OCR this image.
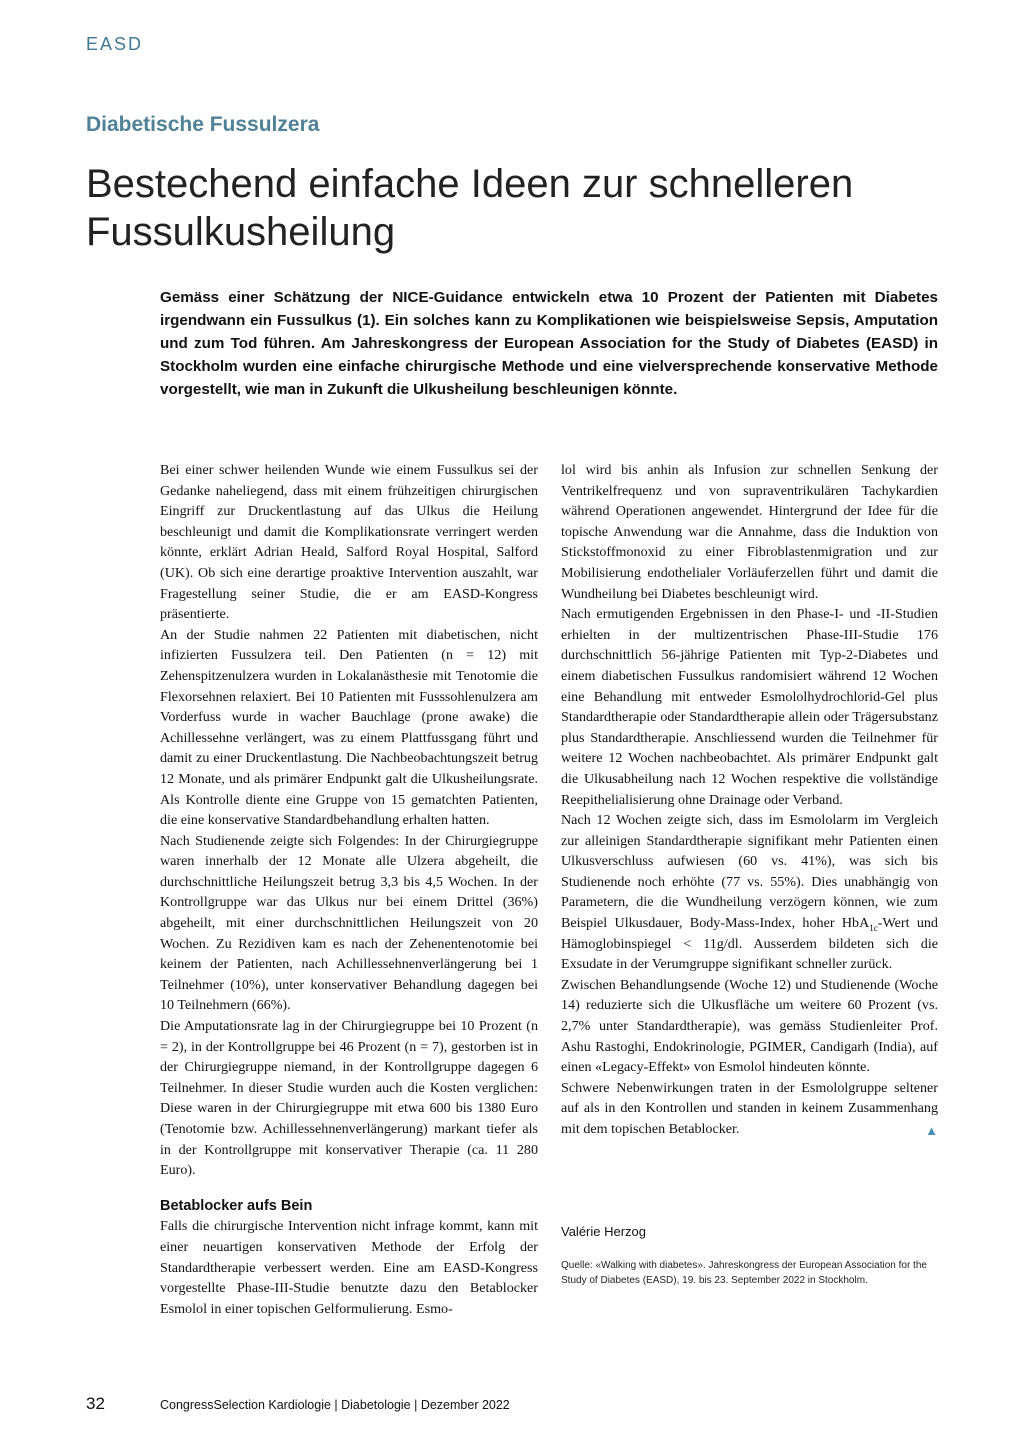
EASD
Diabetische Fussulzera
Bestechend einfache Ideen zur schnelleren Fussulkusheilung
Gemäss einer Schätzung der NICE-Guidance entwickeln etwa 10 Prozent der Patienten mit Diabetes irgendwann ein Fussulkus (1). Ein solches kann zu Komplikationen wie beispielsweise Sepsis, Amputation und zum Tod führen. Am Jahreskongress der European Association for the Study of Diabetes (EASD) in Stockholm wurden eine einfache chirurgische Methode und eine vielversprechende konservative Methode vorgestellt, wie man in Zukunft die Ulkusheilung beschleunigen könnte.

Bei einer schwer heilenden Wunde wie einem Fussulkus sei der Gedanke naheliegend, dass mit einem frühzeitigen chirurgischen Eingriff zur Druckentlastung auf das Ulkus die Heilung beschleunigt und damit die Komplikationsrate verringert werden könnte, erklärt Adrian Heald, Salford Royal Hospital, Salford (UK). Ob sich eine derartige proaktive Intervention auszahlt, war Fragestellung seiner Studie, die er am EASD-Kongress präsentierte.

An der Studie nahmen 22 Patienten mit diabetischen, nicht infizierten Fussulzera teil. Den Patienten (n = 12) mit Zehenspitzenulzera wurden in Lokalanästhesie mit Tenotomie die Flexorsehnen relaxiert. Bei 10 Patienten mit Fusssohlenulzera am Vorderfuss wurde in wacher Bauchlage (prone awake) die Achillessehne verlängert, was zu einem Plattfussgang führt und damit zu einer Druckentlastung. Die Nachbeobachtungszeit betrug 12 Monate, und als primärer Endpunkt galt die Ulkusheilungsrate. Als Kontrolle diente eine Gruppe von 15 gematchten Patienten, die eine konservative Standardbehandlung erhalten hatten.

Nach Studienende zeigte sich Folgendes: In der Chirurgiegruppe waren innerhalb der 12 Monate alle Ulzera abgeheilt, die durchschnittliche Heilungszeit betrug 3,3 bis 4,5 Wochen. In der Kontrollgruppe war das Ulkus nur bei einem Drittel (36%) abgeheilt, mit einer durchschnittlichen Heilungszeit von 20 Wochen. Zu Rezidiven kam es nach der Zehenentenotomie bei keinem der Patienten, nach Achillessehnenverlängerung bei 1 Teilnehmer (10%), unter konservativer Behandlung dagegen bei 10 Teilnehmern (66%).

Die Amputationsrate lag in der Chirurgiegruppe bei 10 Prozent (n = 2), in der Kontrollgruppe bei 46 Prozent (n = 7), gestorben ist in der Chirurgiegruppe niemand, in der Kontrollgruppe dagegen 6 Teilnehmer. In dieser Studie wurden auch die Kosten verglichen: Diese waren in der Chirurgiegruppe mit etwa 600 bis 1380 Euro (Tenotomie bzw. Achillessehnenverlängerung) markant tiefer als in der Kontrollgruppe mit konservativer Therapie (ca. 11 280 Euro).

Betablocker aufs Bein

Falls die chirurgische Intervention nicht infrage kommt, kann mit einer neuartigen konservativen Methode der Erfolg der Standardtherapie verbessert werden. Eine am EASD-Kongress vorgestellte Phase-III-Studie benutzte dazu den Betablocker Esmolol in einer topischen Gelformulierung. Esmo-

lol wird bis anhin als Infusion zur schnellen Senkung der Ventrikelfrequenz und von supraventrikulären Tachykardien während Operationen angewendet. Hintergrund der Idee für die topische Anwendung war die Annahme, dass die Induktion von Stickstoffmonoxid zu einer Fibroblastenmigration und zur Mobilisierung endothelialer Vorläuferzellen führt und damit die Wundheilung bei Diabetes beschleunigt wird.

Nach ermutigenden Ergebnissen in den Phase-I- und -II-Studien erhielten in der multizentrischen Phase-III-Studie 176 durchschnittlich 56-jährige Patienten mit Typ-2-Diabetes und einem diabetischen Fussulkus randomisiert während 12 Wochen eine Behandlung mit entweder Esmololhydrochlorid-Gel plus Standardtherapie oder Standardtherapie allein oder Trägersubstanz plus Standardtherapie. Anschliessend wurden die Teilnehmer für weitere 12 Wochen nachbeobachtet. Als primärer Endpunkt galt die Ulkusabheilung nach 12 Wochen respektive die vollständige Reepithelialisierung ohne Drainage oder Verband.

Nach 12 Wochen zeigte sich, dass im Esmololarm im Vergleich zur alleinigen Standardtherapie signifikant mehr Patienten einen Ulkusverschluss aufwiesen (60 vs. 41%), was sich bis Studienende noch erhöhte (77 vs. 55%). Dies unabhängig von Parametern, die die Wundheilung verzögern können, wie zum Beispiel Ulkusdauer, Body-Mass-Index, hoher HbA$_{1c}$-Wert und Hämoglobinspiegel < 11g/dl. Ausserdem bildeten sich die Exsudate in der Verumgruppe signifikant schneller zurück.

Zwischen Behandlungsende (Woche 12) und Studienende (Woche 14) reduzierte sich die Ulkusfläche um weitere 60 Prozent (vs. 2,7% unter Standardtherapie), was gemäss Studienleiter Prof. Ashu Rastoghi, Endokrinologie, PGIMER, Candigarh (India), auf einen «Legacy-Effekt» von Esmolol hindeuten könnte.

Schwere Nebenwirkungen traten in der Esmololgruppe seltener auf als in den Kontrollen und standen in keinem Zusammenhang mit dem topischen Betablocker.	▲

Valérie Herzog
Quelle: «Walking with diabetes». Jahreskongress der European Association for the Study of Diabetes (EASD), 19. bis 23. September 2022 in Stockholm.
32	CongressSelection Kardiologie | Diabetologie | Dezember 2022
